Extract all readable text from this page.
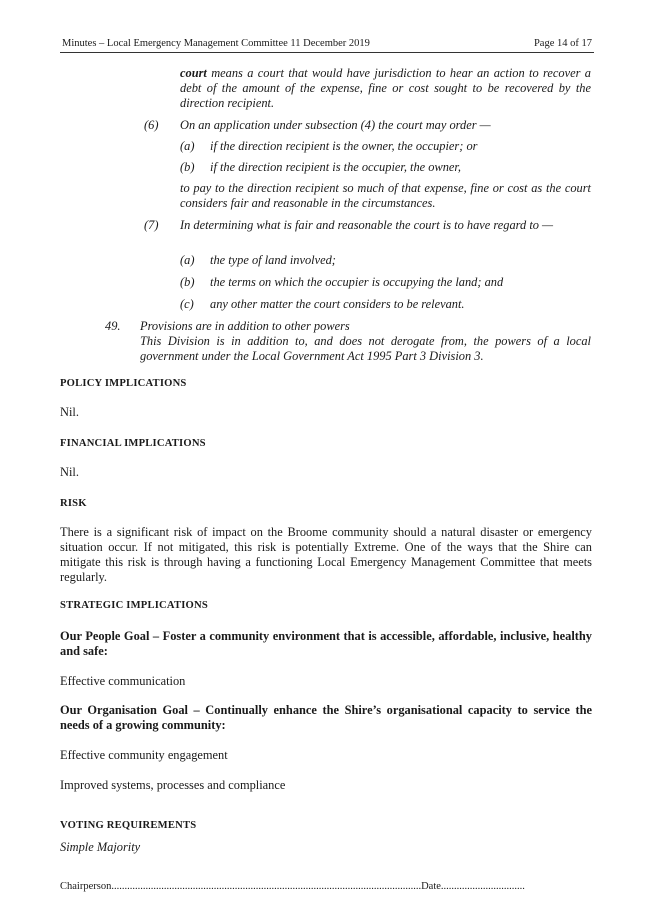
Minutes – Local Emergency Management Committee 11 December 2019	Page 14 of 17
court means a court that would have jurisdiction to hear an action to recover a debt of the amount of the expense, fine or cost sought to be recovered by the direction recipient.
(6) On an application under subsection (4) the court may order —
(a) if the direction recipient is the owner, the occupier; or
(b) if the direction recipient is the occupier, the owner,
to pay to the direction recipient so much of that expense, fine or cost as the court considers fair and reasonable in the circumstances.
(7) In determining what is fair and reasonable the court is to have regard to —
(a) the type of land involved;
(b) the terms on which the occupier is occupying the land; and
(c) any other matter the court considers to be relevant.
49. Provisions are in addition to other powers
This Division is in addition to, and does not derogate from, the powers of a local government under the Local Government Act 1995 Part 3 Division 3.
POLICY IMPLICATIONS
Nil.
FINANCIAL IMPLICATIONS
Nil.
RISK
There is a significant risk of impact on the Broome community should a natural disaster or emergency situation occur. If not mitigated, this risk is potentially Extreme. One of the ways that the Shire can mitigate this risk is through having a functioning Local Emergency Management Committee that meets regularly.
STRATEGIC IMPLICATIONS
Our People Goal – Foster a community environment that is accessible, affordable, inclusive, healthy and safe:
Effective communication
Our Organisation Goal – Continually enhance the Shire’s organisational capacity to service the needs of a growing community:
Effective community engagement
Improved systems, processes and compliance
VOTING REQUIREMENTS
Simple Majority
Chairperson......................................................................................................................Date................................
